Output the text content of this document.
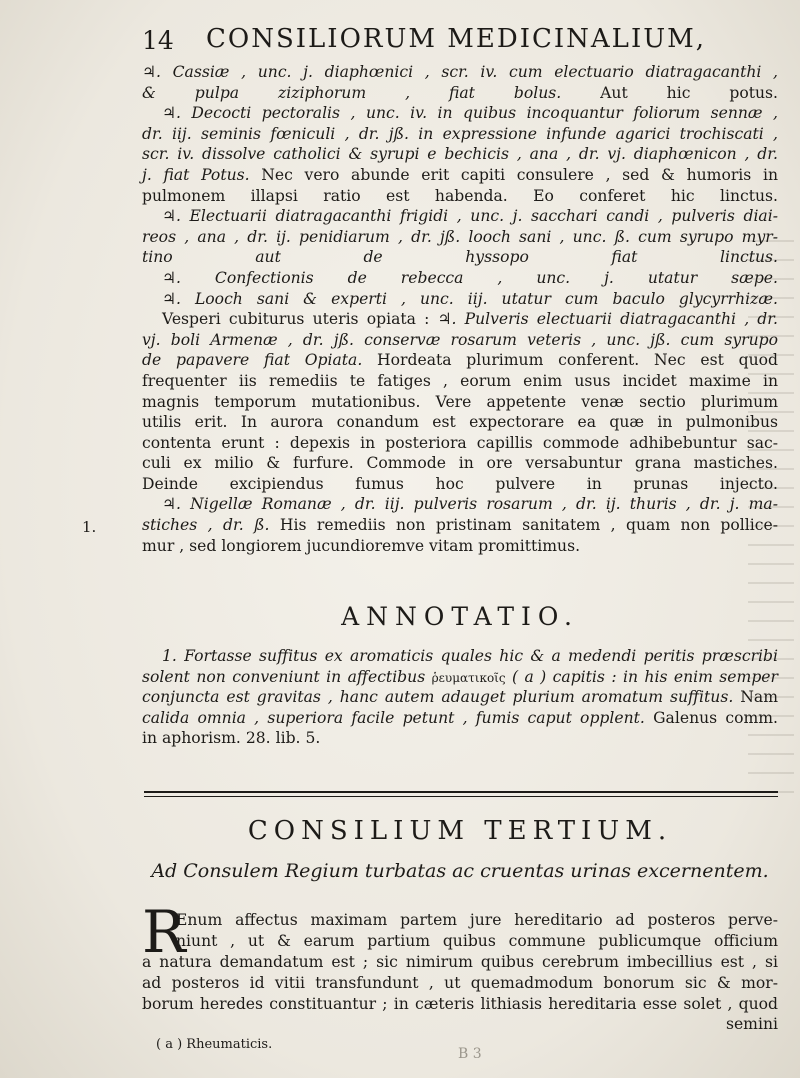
14 CONSILIORUM MEDICINALIUM,
1.
♃. Cassiæ , unc. j. diaphœnici , scr. iv. cum electuario diatragacanthi ,
& pulpa ziziphorum , fiat bolus. Aut hic potus.
♃. Decocti pectoralis , unc. iv. in quibus incoquantur foliorum sennæ ,
dr. iij. seminis fœniculi , dr. jß. in expressione infunde agarici trochiscati ,
scr. iv. dissolve catholici & syrupi e bechicis , ana , dr. vj. diaphœnicon , dr.
j. fiat Potus. Nec vero abunde erit capiti consulere , sed & humoris in
pulmonem illapsi ratio est habenda. Eo conferet hic linctus.
♃. Electuarii diatragacanthi frigidi , unc. j. sacchari candi , pulveris diai-
reos , ana , dr. ij. penidiarum , dr. jß. looch sani , unc. ß. cum syrupo myr-
tino aut de hyssopo fiat linctus.
♃. Confectionis de rebecca , unc. j. utatur sæpe.
♃. Looch sani & experti , unc. iij. utatur cum baculo glycyrrhizæ.
Vesperi cubiturus uteris opiata : ♃. Pulveris electuarii diatragacanthi , dr.
vj. boli Armenæ , dr. jß. conservæ rosarum veteris , unc. jß. cum syrupo
de papavere fiat Opiata. Hordeata plurimum conferent. Nec est quod
frequenter iis remediis te fatiges , eorum enim usus incidet maxime in
magnis temporum mutationibus. Vere appetente venæ sectio plurimum
utilis erit. In aurora conandum est expectorare ea quæ in pulmonibus
contenta erunt : depexis in posteriora capillis commode adhibebuntur sac-
culi ex milio & furfure. Commode in ore versabuntur grana mastiches.
Deinde excipiendus fumus hoc pulvere in prunas injecto.
♃. Nigellæ Romanæ , dr. iij. pulveris rosarum , dr. ij. thuris , dr. j. ma-
stiches , dr. ß. His remediis non pristinam sanitatem , quam non pollice-
mur , sed longiorem jucundioremve vitam promittimus.
ANNOTATIO.
1. Fortasse suffitus ex aromaticis quales hic & a medendi peritis præscribi
solent non conveniunt in affectibus ῥευματικοῖς ( a ) capitis : in his enim semper
conjuncta est gravitas , hanc autem adauget plurium aromatum suffitus. Nam
calida omnia , superiora facile petunt , fumis caput opplent. Galenus comm.
in aphorism. 28. lib. 5.
CONSILIUM TERTIUM.
Ad Consulem Regium turbatas ac cruentas urinas excernentem.
R
Enum affectus maximam partem jure hereditario ad posteros perve-
niunt , ut & earum partium quibus commune publicumque officium
a natura demandatum est ; sic nimirum quibus cerebrum imbecillius est , si
ad posteros id vitii transfundunt , ut quemadmodum bonorum sic & mor-
borum heredes constituantur ; in cæteris lithiasis hereditaria esse solet , quod
semini
( a ) Rheumaticis.
B 3
